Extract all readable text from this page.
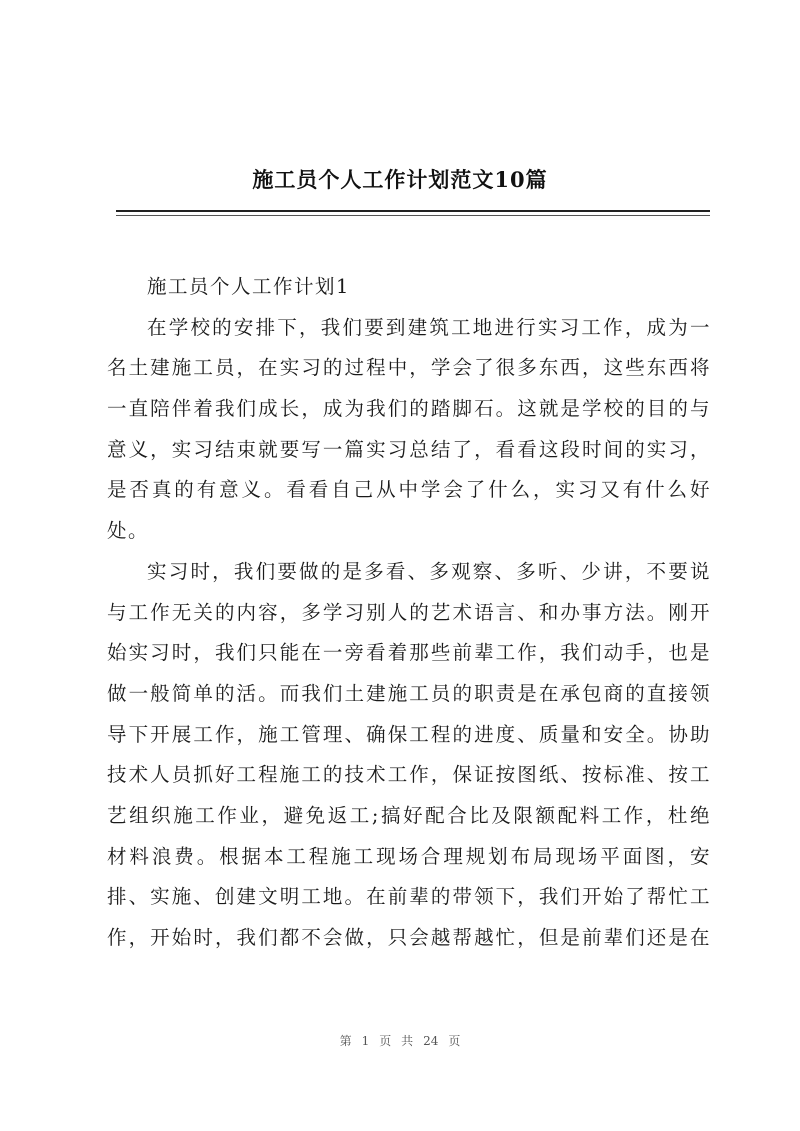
施工员个人工作计划范文10篇
施工员个人工作计划1
在学校的安排下，我们要到建筑工地进行实习工作，成为一
名土建施工员，在实习的过程中，学会了很多东西，这些东西将
一直陪伴着我们成长，成为我们的踏脚石。这就是学校的目的与
意义，实习结束就要写一篇实习总结了，看看这段时间的实习，
是否真的有意义。看看自己从中学会了什么，实习又有什么好
处。
实习时，我们要做的是多看、多观察、多听、少讲，不要说
与工作无关的内容，多学习别人的艺术语言、和办事方法。刚开
始实习时，我们只能在一旁看着那些前辈工作，我们动手，也是
做一般简单的活。而我们土建施工员的职责是在承包商的直接领
导下开展工作，施工管理、确保工程的进度、质量和安全。协助
技术人员抓好工程施工的技术工作，保证按图纸、按标准、按工
艺组织施工作业，避免返工;搞好配合比及限额配料工作，杜绝
材料浪费。根据本工程施工现场合理规划布局现场平面图，安
排、实施、创建文明工地。在前辈的带领下，我们开始了帮忙工
作，开始时，我们都不会做，只会越帮越忙，但是前辈们还是在
第 1 页 共 24 页
